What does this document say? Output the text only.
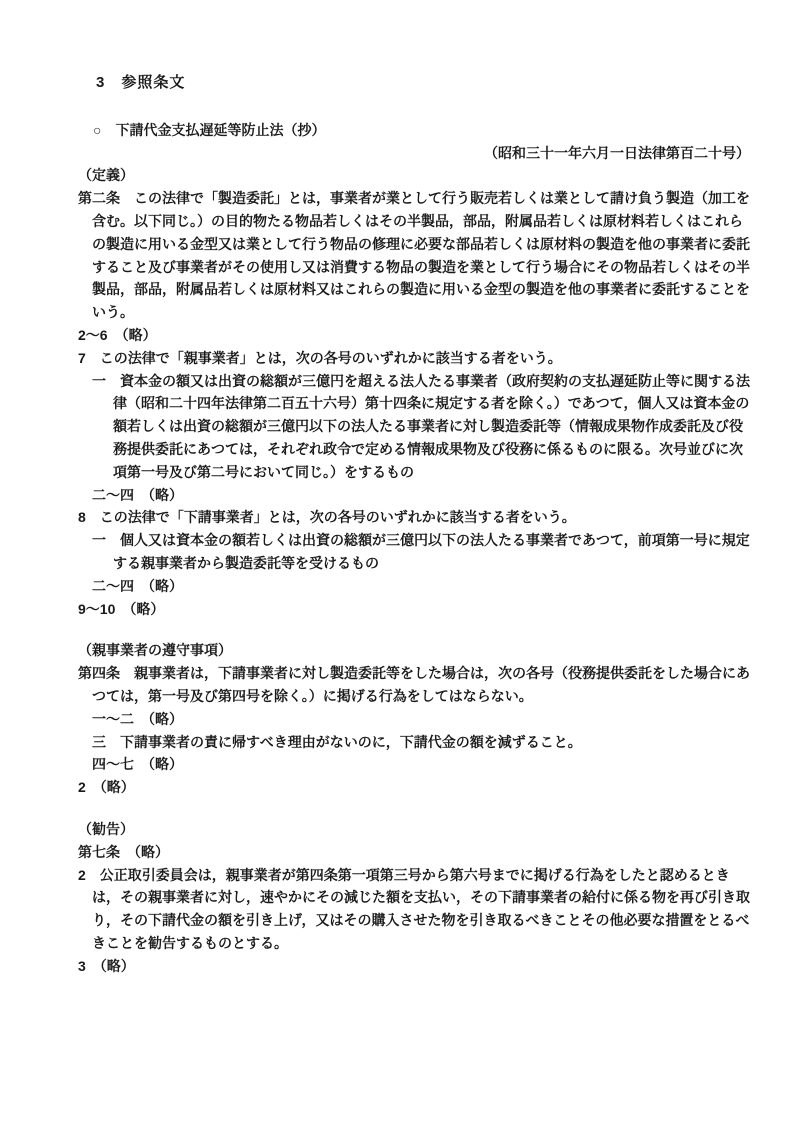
3　参照条文
○　下請代金支払遅延等防止法（抄）
（昭和三十一年六月一日法律第百二十号）
（定義）
第二条　この法律で「製造委託」とは，事業者が業として行う販売若しくは業として請け負う製造（加工を含む。以下同じ。）の目的物たる物品若しくはその半製品，部品，附属品若しくは原材料若しくはこれらの製造に用いる金型又は業として行う物品の修理に必要な部品若しくは原材料の製造を他の事業者に委託すること及び事業者がその使用し又は消費する物品の製造を業として行う場合にその物品若しくはその半製品，部品，附属品若しくは原材料又はこれらの製造に用いる金型の製造を他の事業者に委託することをいう。
2～6　（略）
7　この法律で「親事業者」とは，次の各号のいずれかに該当する者をいう。
一　資本金の額又は出資の総額が三億円を超える法人たる事業者（政府契約の支払遅延防止等に関する法律（昭和二十四年法律第二百五十六号）第十四条に規定する者を除く。）であつて，個人又は資本金の額若しくは出資の総額が三億円以下の法人たる事業者に対し製造委託等（情報成果物作成委託及び役務提供委託にあつては，それぞれ政令で定める情報成果物及び役務に係るものに限る。次号並びに次項第一号及び第二号において同じ。）をするもの
二～四　（略）
8　この法律で「下請事業者」とは，次の各号のいずれかに該当する者をいう。
一　個人又は資本金の額若しくは出資の総額が三億円以下の法人たる事業者であつて，前項第一号に規定する親事業者から製造委託等を受けるもの
二～四　（略）
9～10　（略）
（親事業者の遵守事項）
第四条　親事業者は，下請事業者に対し製造委託等をした場合は，次の各号（役務提供委託をした場合にあつては，第一号及び第四号を除く。）に掲げる行為をしてはならない。
一～二　（略）
三　下請事業者の責に帰すべき理由がないのに，下請代金の額を減ずること。
四～七　（略）
2　（略）
（勧告）
第七条　（略）
2　公正取引委員会は，親事業者が第四条第一項第三号から第六号までに掲げる行為をしたと認めるときは，その親事業者に対し，速やかにその減じた額を支払い，その下請事業者の給付に係る物を再び引き取り，その下請代金の額を引き上げ，又はその購入させた物を引き取るべきことその他必要な措置をとるべきことを勧告するものとする。
3　（略）
